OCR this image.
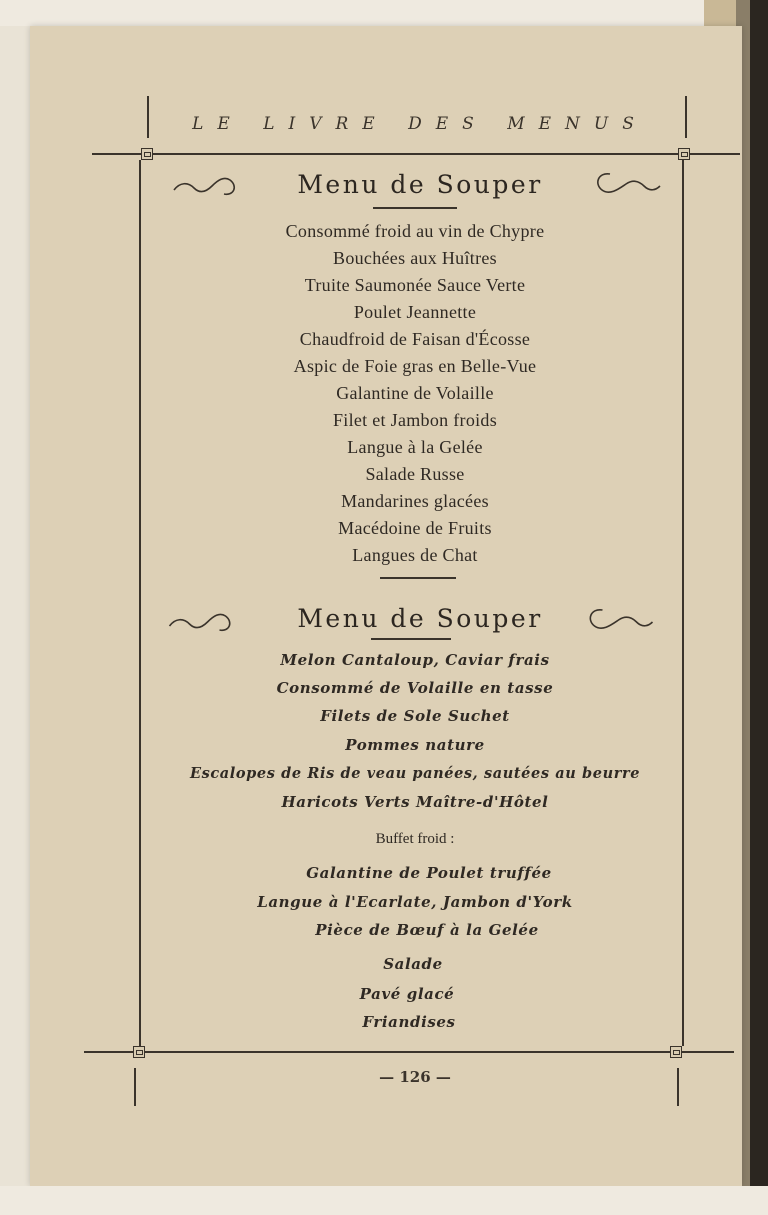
LE LIVRE DES MENUS
Menu de Souper
Consommé froid au vin de Chypre
Bouchées aux Huîtres
Truite Saumonée Sauce Verte
Poulet Jeannette
Chaudfroid de Faisan d'Écosse
Aspic de Foie gras en Belle-Vue
Galantine de Volaille
Filet et Jambon froids
Langue à la Gelée
Salade Russe
Mandarines glacées
Macédoine de Fruits
Langues de Chat
Menu de Souper
Melon Cantaloup, Caviar frais
Consommé de Volaille en tasse
Filets de Sole Suchet
Pommes nature
Escalopes de Ris de veau panées, sautées au beurre
Haricots Verts Maître-d'Hôtel
Buffet froid :
Galantine de Poulet truffée
Langue à l'Ecarlate, Jambon d'York
Pièce de Bœuf à la Gelée
Salade
Pavé glacé
Friandises
— 126 —
